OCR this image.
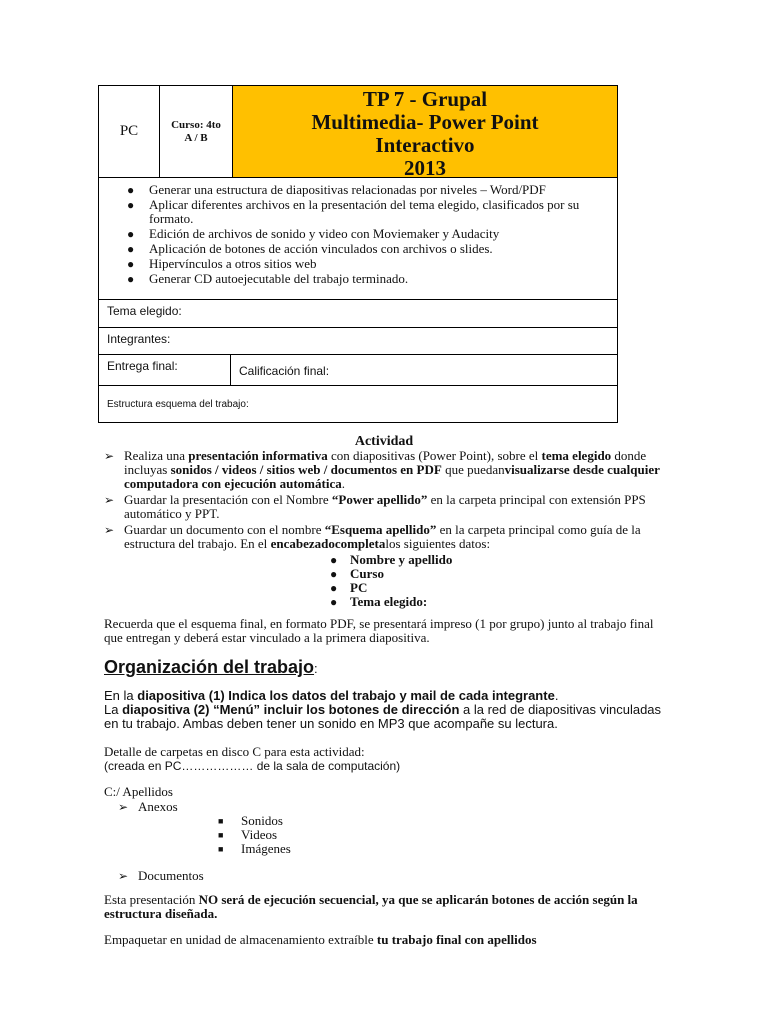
PC	Curso: 4to
A / B
TP 7 - Grupal
Multimedia- Power Point
Interactivo
2013
● Generar una estructura de diapositivas relacionadas por niveles – Word/PDF
● Aplicar diferentes archivos en la presentación del tema elegido, clasificados por su formato.
● Edición de archivos de sonido y video con Moviemaker y Audacity
● Aplicación de botones de acción vinculados con archivos o slides.
● Hipervínculos a otros sitios web
● Generar CD autoejecutable del trabajo terminado.
Tema elegido:
Integrantes:
Entrega final:	Calificación final:
Estructura esquema del trabajo:
Actividad
➢ Realiza una presentación informativa con diapositivas (Power Point), sobre el tema elegido donde incluyas sonidos / videos / sitios web / documentos en PDF que puedanvisualizarse desde cualquier computadora con ejecución automática.
➢ Guardar la presentación con el Nombre “Power apellido” en la carpeta principal con extensión PPS automático y PPT.
➢ Guardar un documento con el nombre “Esquema apellido” en la carpeta principal como guía de la estructura del trabajo. En el encabezadocompletalos siguientes datos:
● Nombre y apellido
● Curso
● PC
● Tema elegido:
Recuerda que el esquema final, en formato PDF, se presentará impreso (1 por grupo) junto al trabajo final que entregan y deberá estar vinculado a la primera diapositiva.
Organización del trabajo:
En la diapositiva (1) Indica los datos del trabajo y mail de cada integrante.
La diapositiva (2) “Menú” incluir los botones de dirección a la red de diapositivas vinculadas en tu trabajo. Ambas deben tener un sonido en MP3 que acompañe su lectura.
Detalle de carpetas en disco C para esta actividad:
(creada en PC……………… de la sala de computación)
C:/ Apellidos
➢ Anexos
■ Sonidos
■ Videos
■ Imágenes
➢ Documentos
Esta presentación NO será de ejecución secuencial, ya que se aplicarán botones de acción según la estructura diseñada.
Empaquetar en unidad de almacenamiento extraíble tu trabajo final con apellidos
